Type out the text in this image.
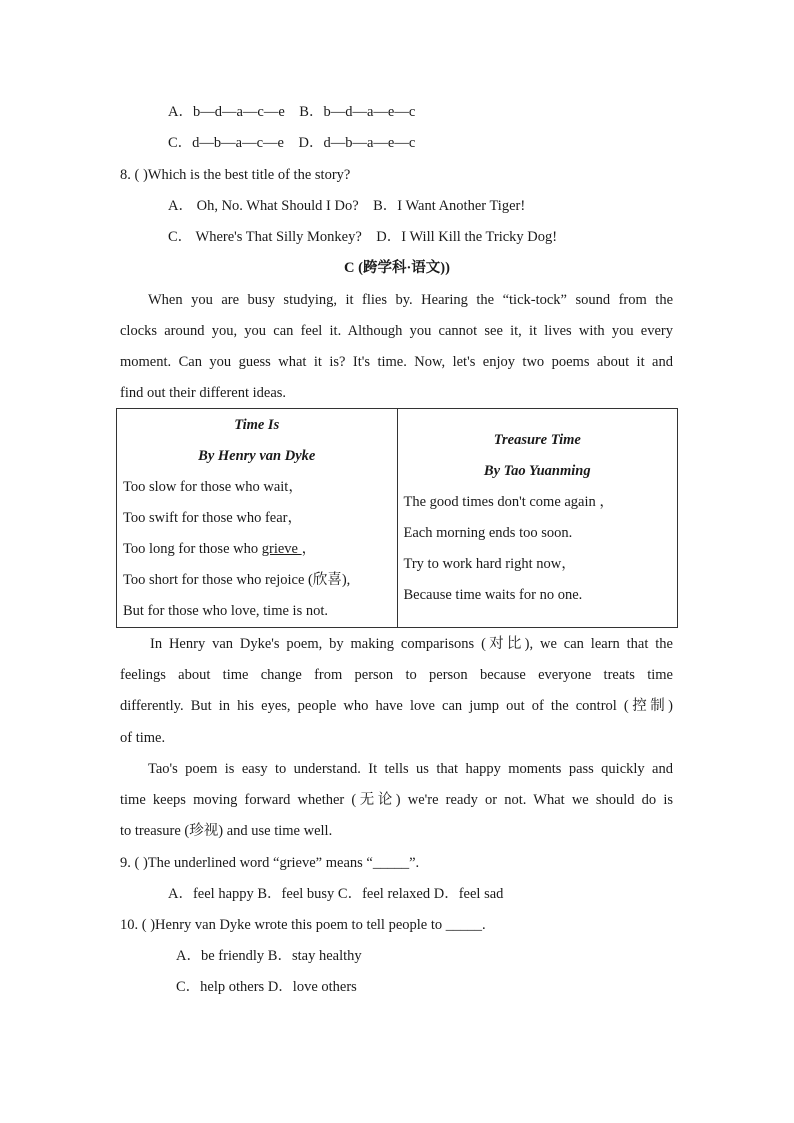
A．b—d—a—c—e B．b—d—a—e—c
C．d—b—a—c—e D．d—b—a—e—c
8. ( )Which is the best title of the story?
A． Oh, No. What Should I Do? B．I Want Another Tiger!
C． Where's That Silly Monkey? D．I Will Kill the Tricky Dog!
C (跨学科·语文))
When you are busy studying, it flies by. Hearing the “tick-tock” sound from the
clocks around you, you can feel it. Although you cannot see it, it lives with you every
moment. Can you guess what it is? It's time. Now, let's enjoy two poems about it and
find out their different ideas.
Time Is
By Henry van Dyke
Too slow for those who wait，
Too swift for those who fear，
Too long for those who grieve ，
Too short for those who rejoice (欣喜),
But for those who love, time is not.

Treasure Time
By Tao Yuanming
The good times don't come again ，
Each morning ends too soon.
Try to work hard right now，
Because time waits for no one.
In Henry van Dyke's poem, by making comparisons (对比), we can learn that the
feelings about time change from person to person because everyone treats time
differently. But in his eyes, people who have love can jump out of the control (控制)
of time.
Tao's poem is easy to understand. It tells us that happy moments pass quickly and
time keeps moving forward whether (无论) we're ready or not. What we should do is
to treasure (珍视) and use time well.
9. ( )The underlined word “grieve” means “_____”.
A．feel happy B．feel busy C．feel relaxed D．feel sad
10. ( )Henry van Dyke wrote this poem to tell people to _____.
A．be friendly B．stay healthy
C．help others D．love others
